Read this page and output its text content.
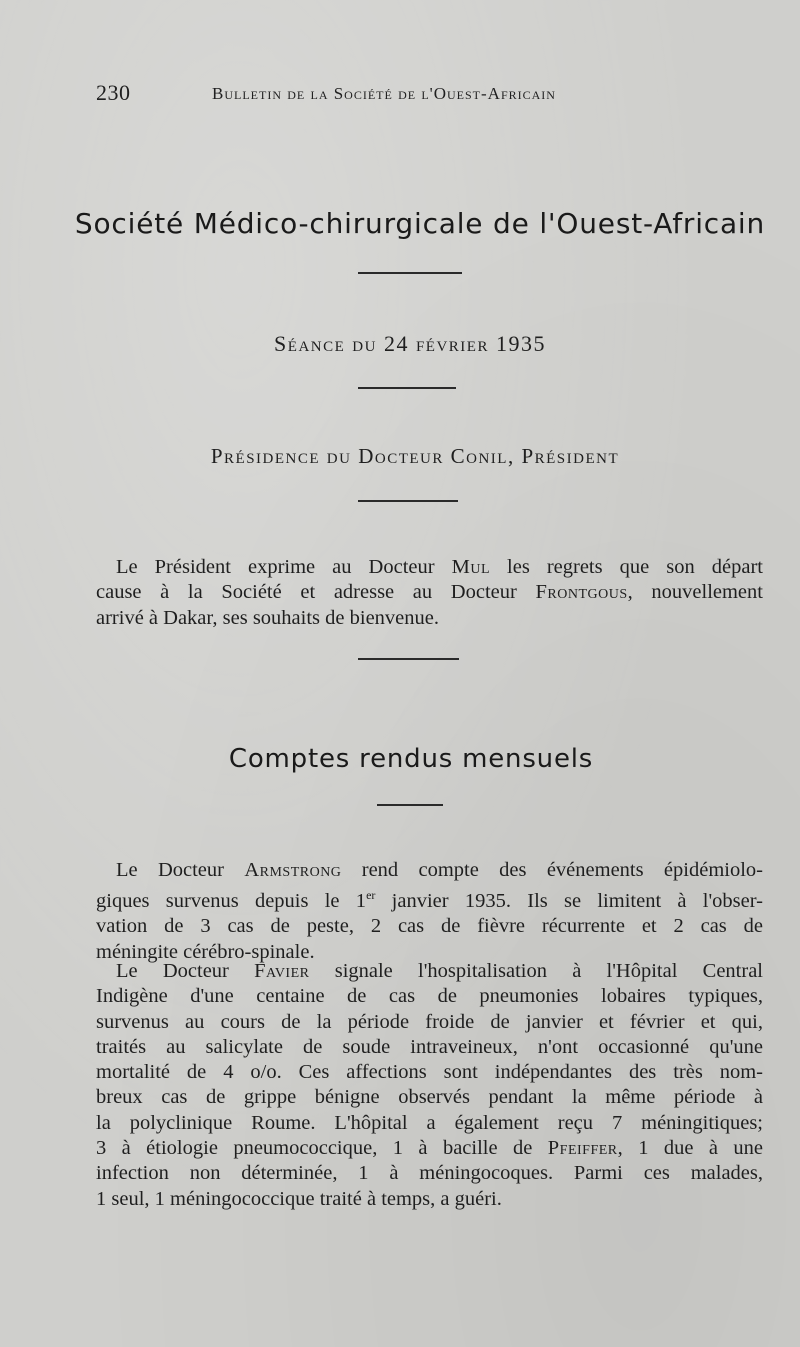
230	Bulletin de la Société de l'Ouest-Africain
Société Médico-chirurgicale de l'Ouest-Africain
Séance du 24 février 1935
Présidence du Docteur Conil, Président
Le Président exprime au Docteur Mul les regrets que son départ
cause à la Société et adresse au Docteur Frontgous, nouvellement
arrivé à Dakar, ses souhaits de bienvenue.
Comptes rendus mensuels
Le Docteur Armstrong rend compte des événements épidémiolo-
giques survenus depuis le 1er janvier 1935. Ils se limitent à l'obser-
vation de 3 cas de peste, 2 cas de fièvre récurrente et 2 cas de
méningite cérébro-spinale.
Le Docteur Favier signale l'hospitalisation à l'Hôpital Central
Indigène d'une centaine de cas de pneumonies lobaires typiques,
survenus au cours de la période froide de janvier et février et qui,
traités au salicylate de soude intraveineux, n'ont occasionné qu'une
mortalité de 4 o/o. Ces affections sont indépendantes des très nom-
breux cas de grippe bénigne observés pendant la même période à
la polyclinique Roume. L'hôpital a également reçu 7 méningitiques;
3 à étiologie pneumococcique, 1 à bacille de Pfeiffer, 1 due à une
infection non déterminée, 1 à méningocoques. Parmi ces malades,
1 seul, 1 méningococcique traité à temps, a guéri.
